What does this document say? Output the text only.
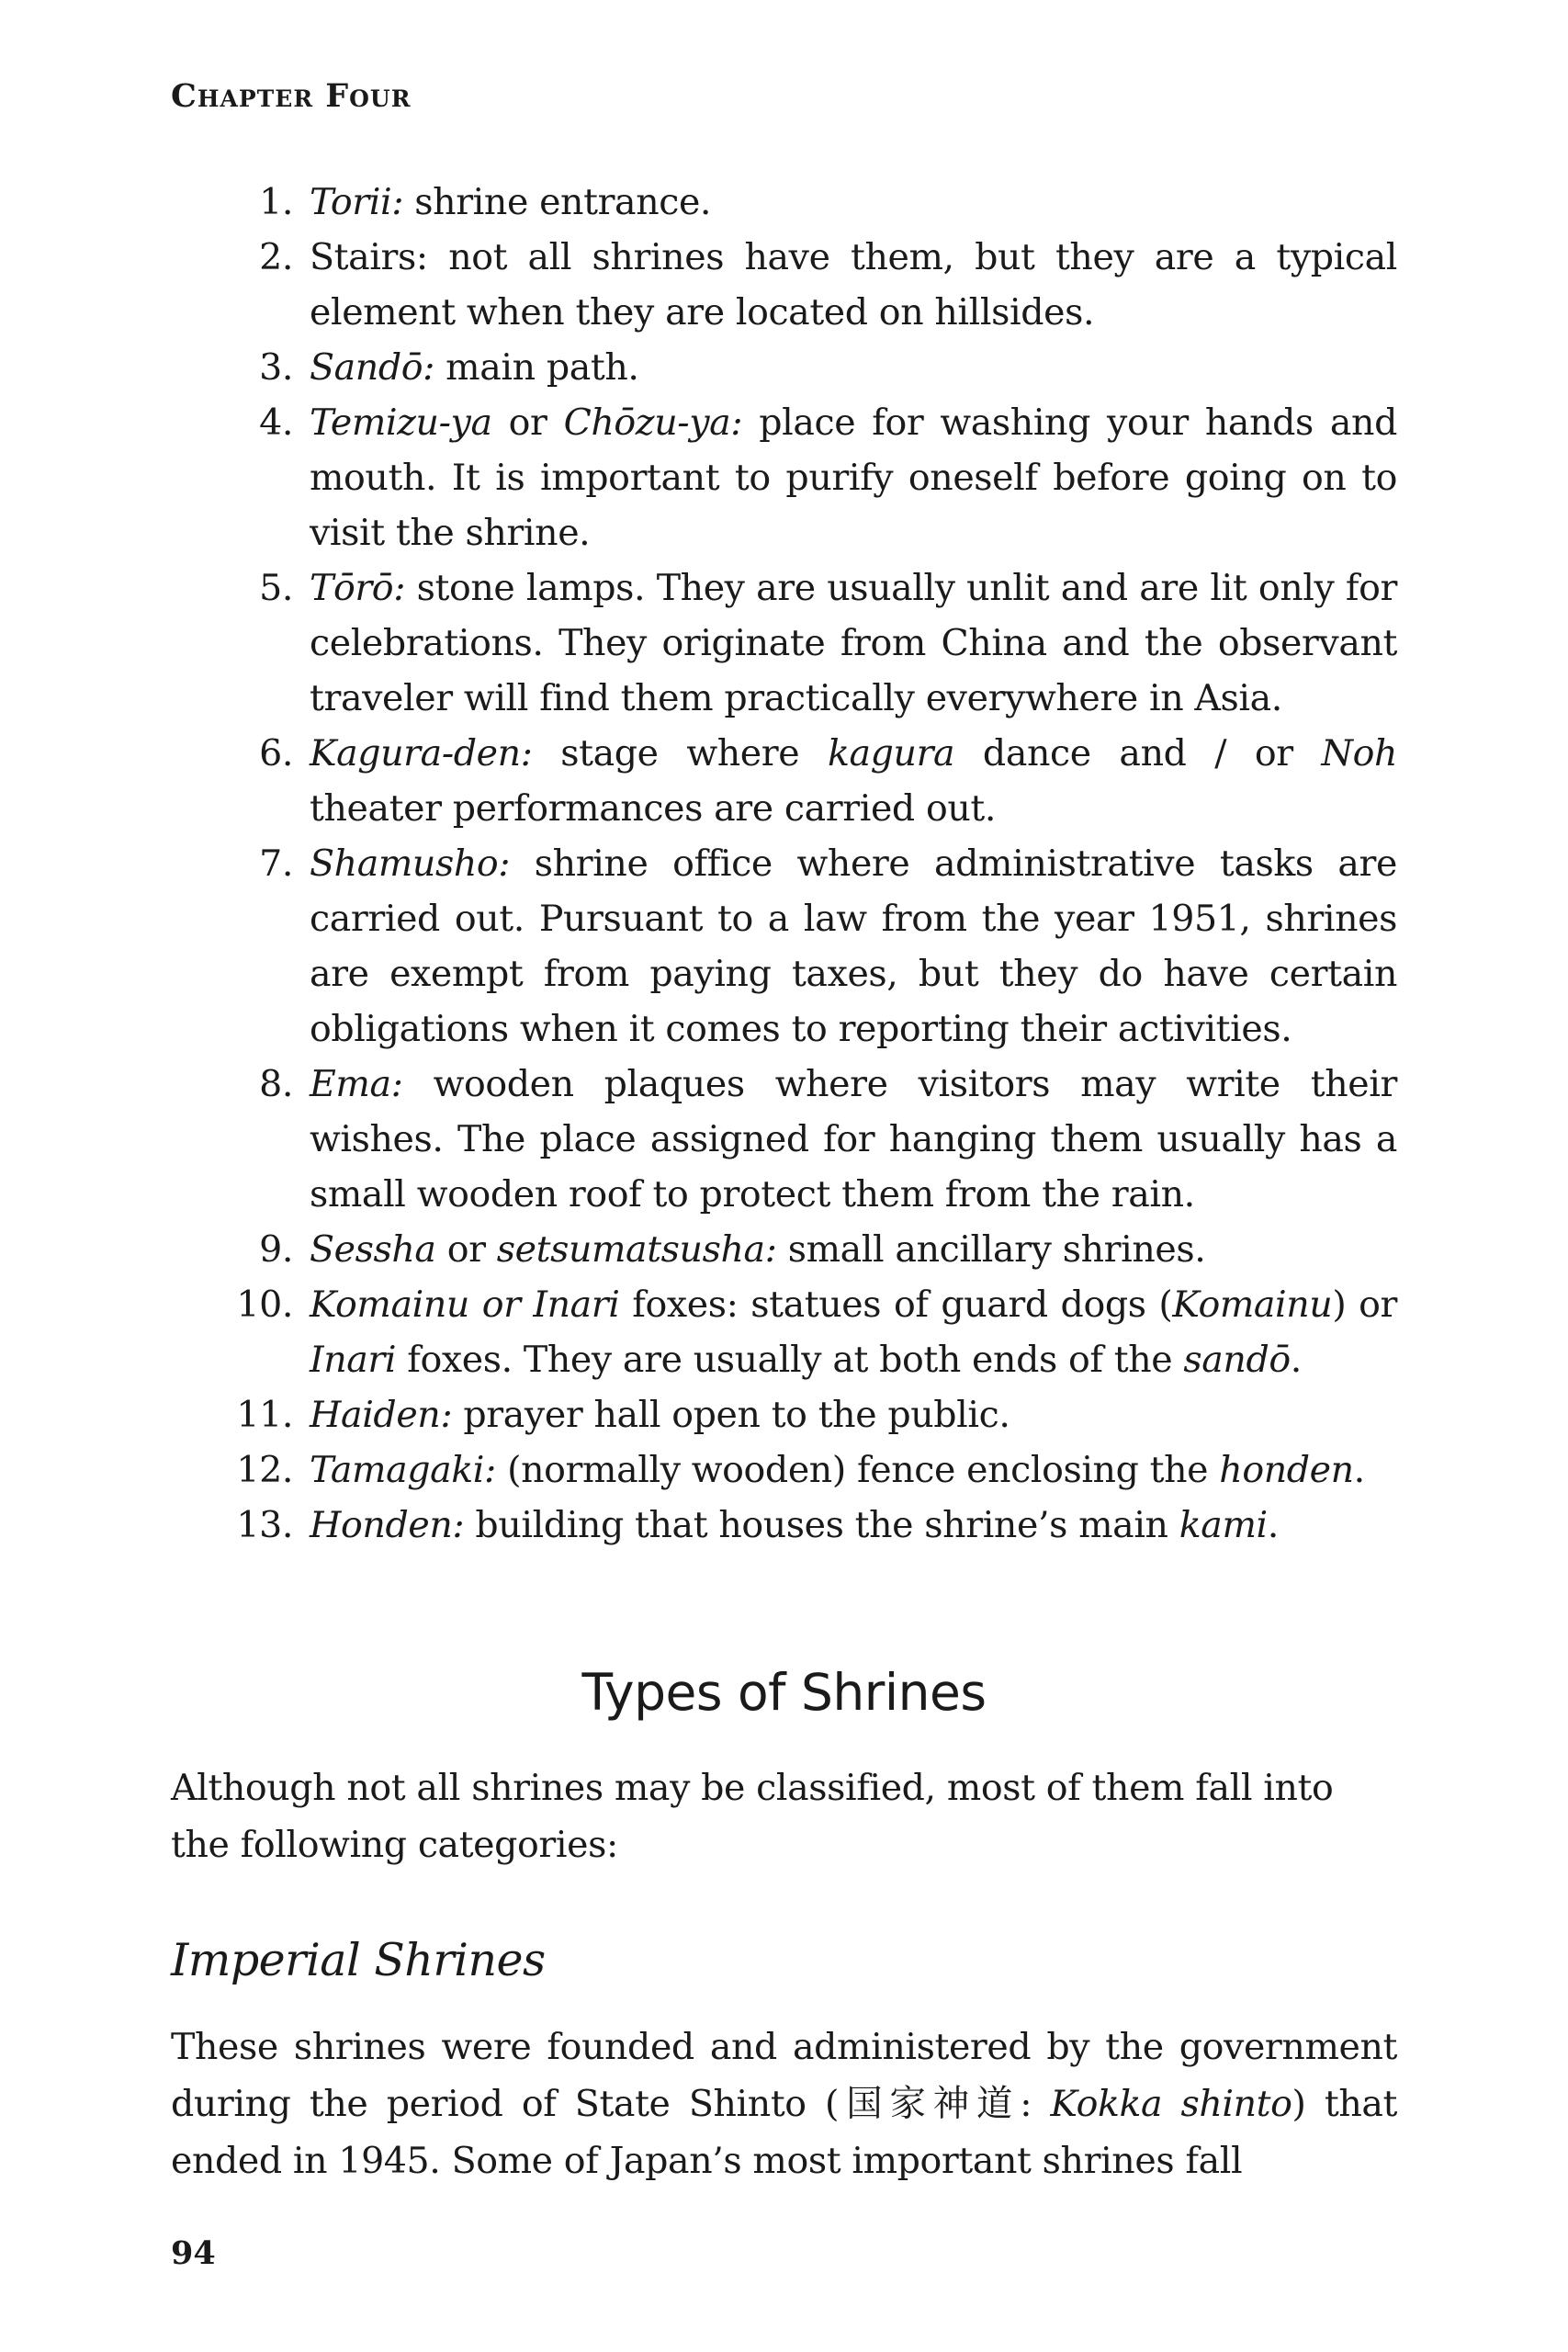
Chapter Four
1. Torii: shrine entrance.
2. Stairs: not all shrines have them, but they are a typical element when they are located on hillsides.
3. Sandō: main path.
4. Temizu-ya or Chōzu-ya: place for washing your hands and mouth. It is important to purify oneself before going on to visit the shrine.
5. Tōrō: stone lamps. They are usually unlit and are lit only for celebrations. They originate from China and the observant traveler will find them practically everywhere in Asia.
6. Kagura-den: stage where kagura dance and / or Noh theater performances are carried out.
7. Shamusho: shrine office where administrative tasks are carried out. Pursuant to a law from the year 1951, shrines are exempt from paying taxes, but they do have certain obligations when it comes to reporting their activities.
8. Ema: wooden plaques where visitors may write their wishes. The place assigned for hanging them usually has a small wooden roof to protect them from the rain.
9. Sessha or setsumatsusha: small ancillary shrines.
10. Komainu or Inari foxes: statues of guard dogs (Komainu) or Inari foxes. They are usually at both ends of the sandō.
11. Haiden: prayer hall open to the public.
12. Tamagaki: (normally wooden) fence enclosing the honden.
13. Honden: building that houses the shrine’s main kami.
Types of Shrines

Although not all shrines may be classified, most of them fall into the following categories:

Imperial Shrines

These shrines were founded and administered by the government during the period of State Shinto (国家神道: Kokka shinto) that ended in 1945. Some of Japan’s most important shrines fall

94
